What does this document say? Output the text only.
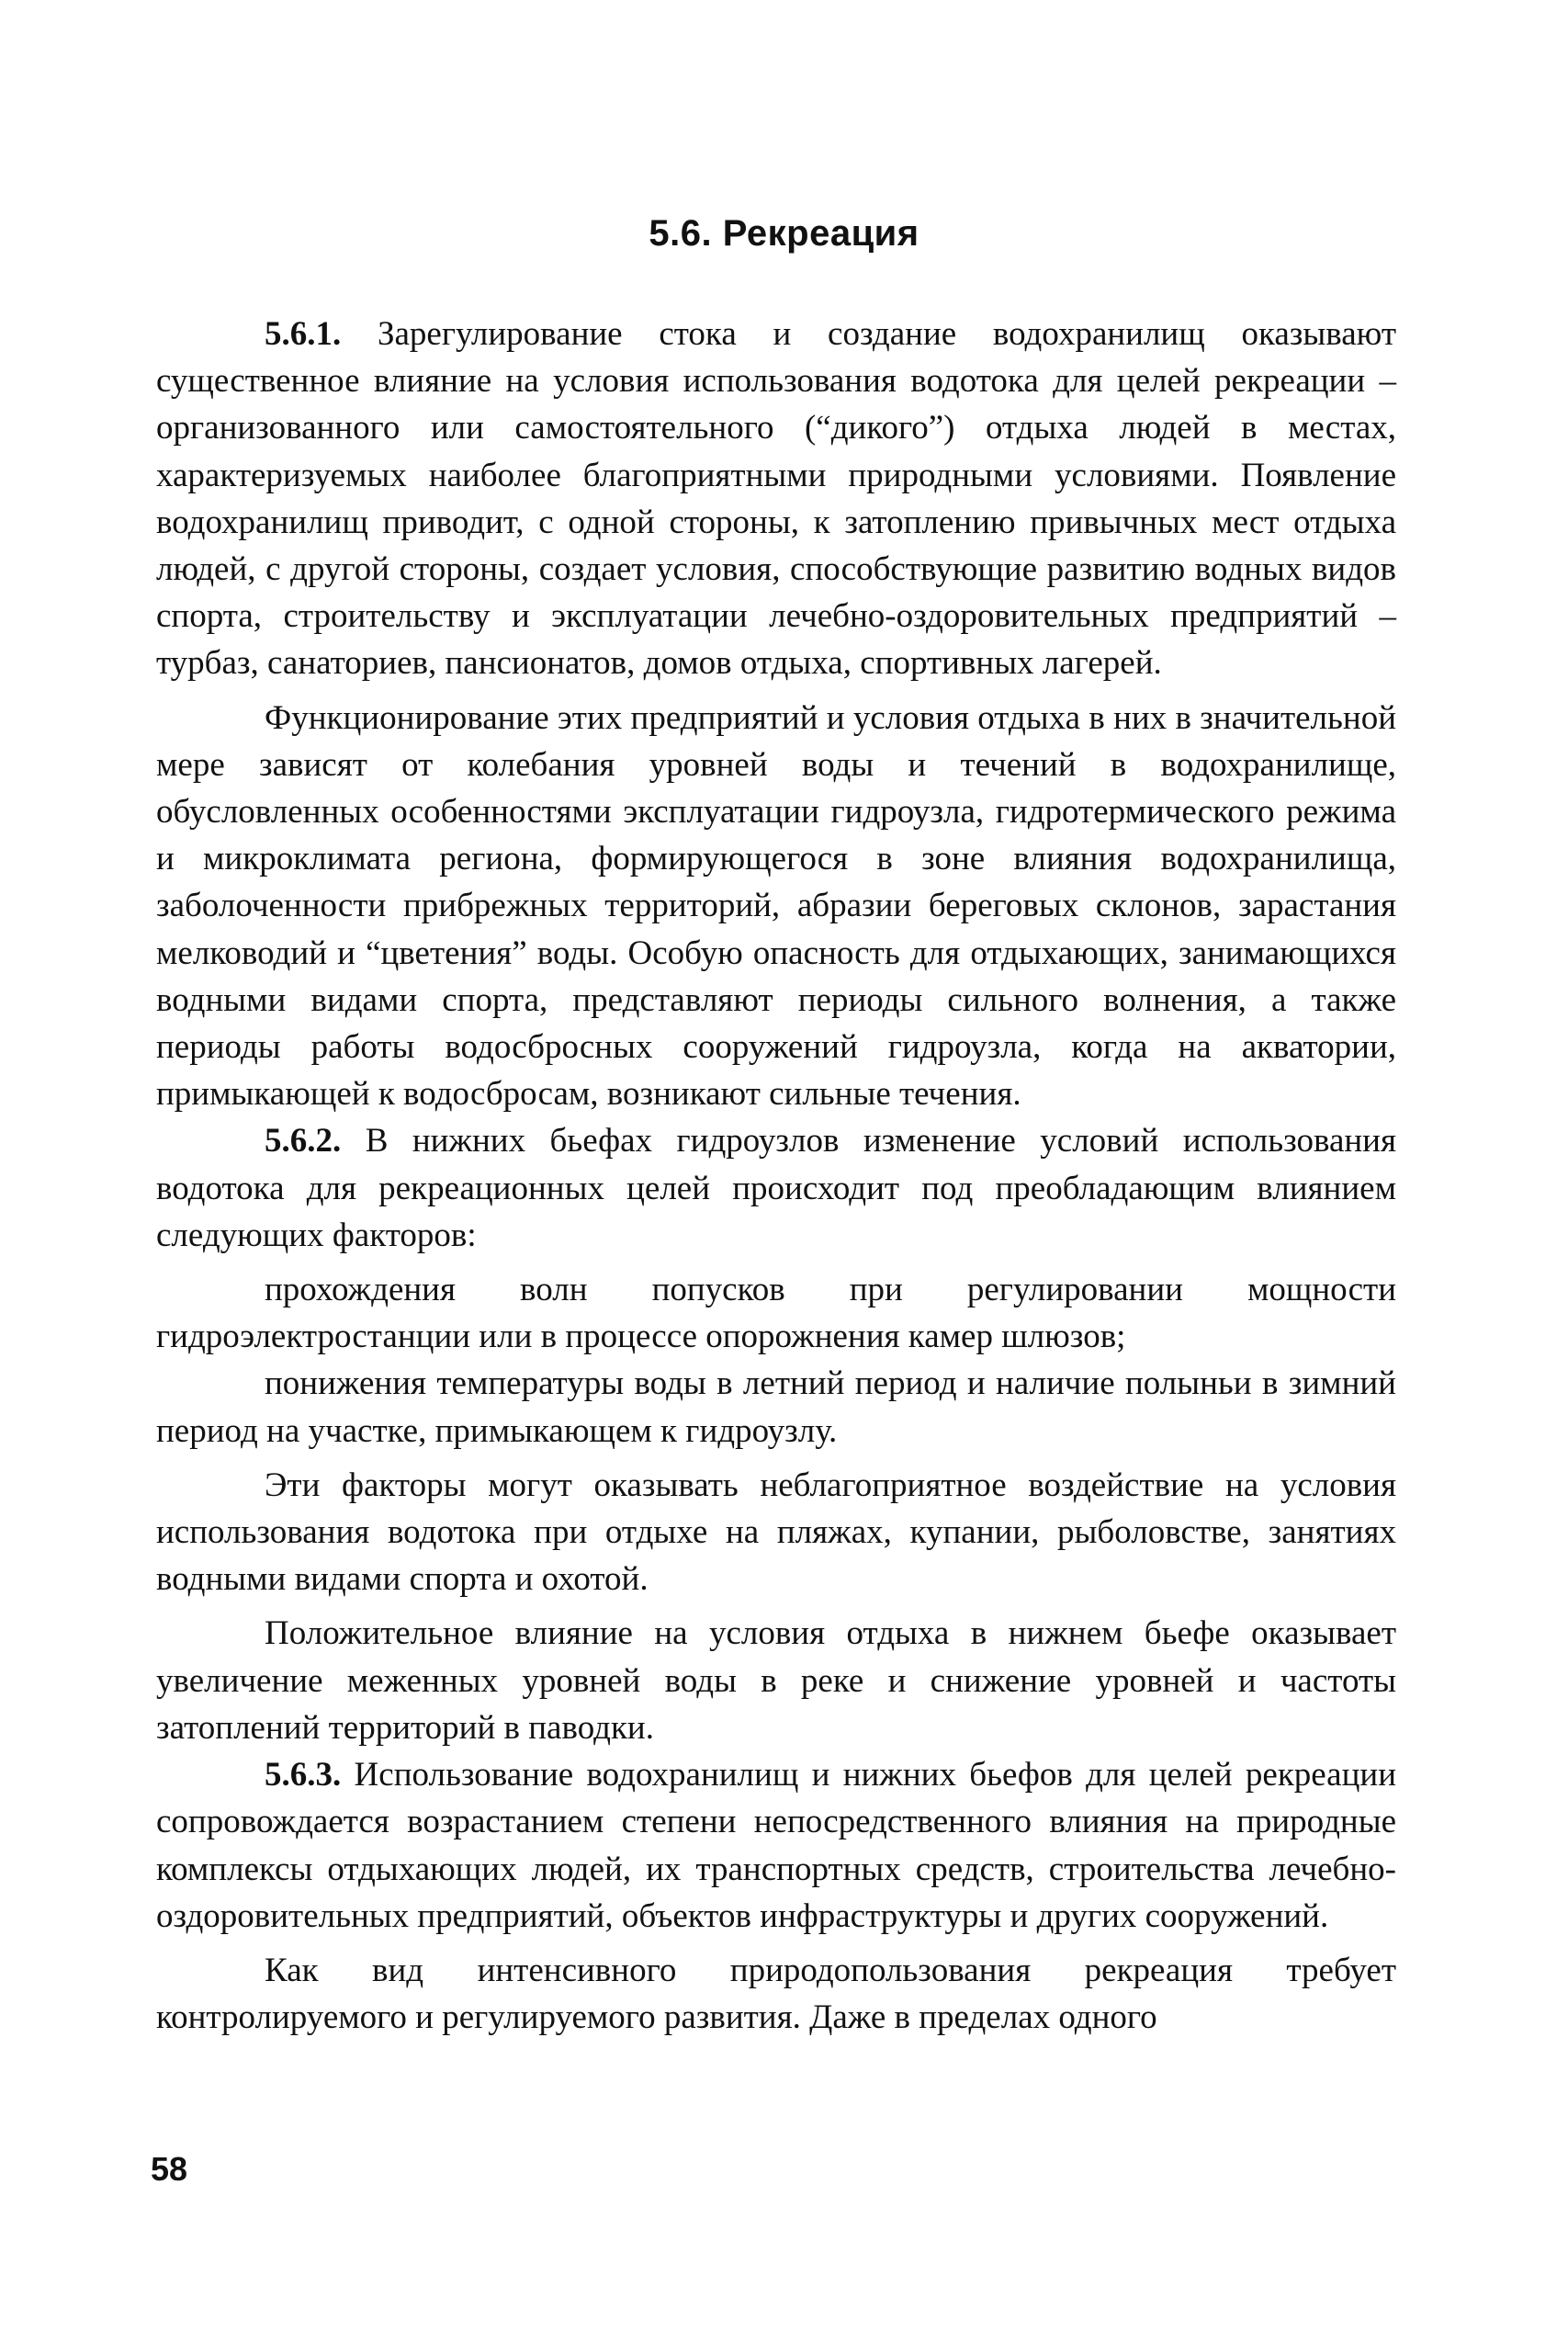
5.6. Рекреация

5.6.1. Зарегулирование стока и создание водохранилищ оказывают существенное влияние на условия использования водотока для целей рекреации – организованного или самостоятельного (“дикого”) отдыха людей в местах, характеризуемых наиболее благоприятными природными условиями. Появление водохранилищ приводит, с одной стороны, к затоплению привычных мест отдыха людей, с другой стороны, создает условия, способствующие развитию водных видов спорта, строительству и эксплуатации лечебно-оздоровительных предприятий – турбаз, санаториев, пансионатов, домов отдыха, спортивных лагерей.

Функционирование этих предприятий и условия отдыха в них в значительной мере зависят от колебания уровней воды и течений в водохранилище, обусловленных особенностями эксплуатации гидроузла, гидротермического режима и микроклимата региона, формирующегося в зоне влияния водохранилища, заболоченности прибрежных территорий, абразии береговых склонов, зарастания мелководий и “цветения” воды. Особую опасность для отдыхающих, занимающихся водными видами спорта, представляют периоды сильного волнения, а также периоды работы водосбросных сооружений гидроузла, когда на акватории, примыкающей к водосбросам, возникают сильные течения.

5.6.2. В нижних бьефах гидроузлов изменение условий использования водотока для рекреационных целей происходит под преобладающим влиянием следующих факторов:

прохождения волн попусков при регулировании мощности гидроэлектростанции или в процессе опорожнения камер шлюзов;

понижения температуры воды в летний период и наличие полыньи в зимний период на участке, примыкающем к гидроузлу.

Эти факторы могут оказывать неблагоприятное воздействие на условия использования водотока при отдыхе на пляжах, купании, рыболовстве, занятиях водными видами спорта и охотой.

Положительное влияние на условия отдыха в нижнем бьефе оказывает увеличение меженных уровней воды в реке и снижение уровней и частоты затоплений территорий в паводки.

5.6.3. Использование водохранилищ и нижних бьефов для целей рекреации сопровождается возрастанием степени непосредственного влияния на природные комплексы отдыхающих людей, их транспортных средств, строительства лечебно-оздоровительных предприятий, объектов инфраструктуры и других сооружений.

Как вид интенсивного природопользования рекреация требует контролируемого и регулируемого развития. Даже в пределах одного

58
